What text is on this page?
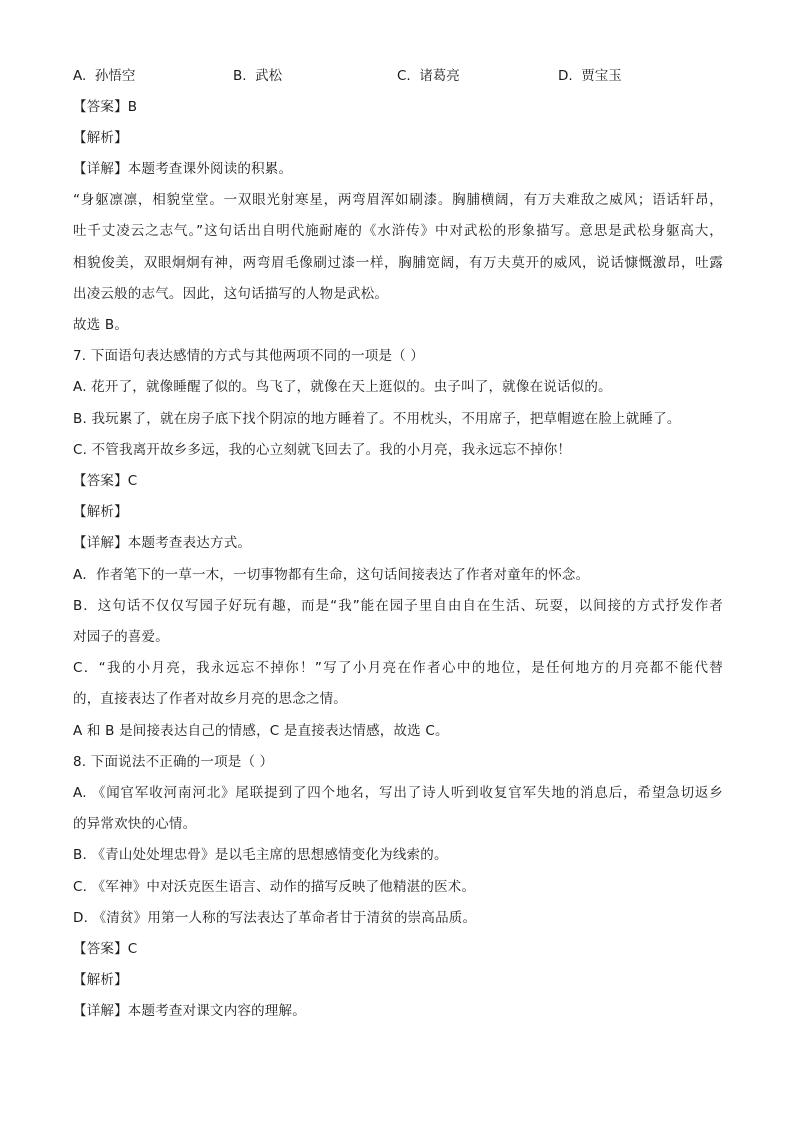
A. 孙悟空	B. 武松	C. 诸葛亮	D. 贾宝玉
【答案】B
【解析】
【详解】本题考查课外阅读的积累。
“身躯凛凛，相貌堂堂。一双眼光射寒星，两弯眉浑如刷漆。胸脯横阔，有万夫难敌之威风；语话轩昂，
吐千丈凌云之志气。”这句话出自明代施耐庵的《水浒传》中对武松的形象描写。意思是武松身躯高大，
相貌俊美，双眼炯炯有神，两弯眉毛像刷过漆一样，胸脯宽阔，有万夫莫开的威风，说话慷慨激昂，吐露
出凌云般的志气。因此，这句话描写的人物是武松。
故选 B。
7. 下面语句表达感情的方式与其他两项不同的一项是（ ）
A. 花开了，就像睡醒了似的。鸟飞了，就像在天上逛似的。虫子叫了，就像在说话似的。
B. 我玩累了，就在房子底下找个阴凉的地方睡着了。不用枕头，不用席子，把草帽遮在脸上就睡了。
C. 不管我离开故乡多远，我的心立刻就飞回去了。我的小月亮，我永远忘不掉你！
【答案】C
【解析】
【详解】本题考查表达方式。
A．作者笔下的一草一木，一切事物都有生命，这句话间接表达了作者对童年的怀念。
B．这句话不仅仅写园子好玩有趣，而是“我”能在园子里自由自在生活、玩耍，以间接的方式抒发作者
对园子的喜爱。
C．“我的小月亮，我永远忘不掉你！”写了小月亮在作者心中的地位，是任何地方的月亮都不能代替
的，直接表达了作者对故乡月亮的思念之情。
A 和 B 是间接表达自己的情感，C 是直接表达情感，故选 C。
8. 下面说法不正确的一项是（ ）
A. 《闻官军收河南河北》尾联提到了四个地名，写出了诗人听到收复官军失地的消息后，希望急切返乡
的异常欢快的心情。
B. 《青山处处埋忠骨》是以毛主席的思想感情变化为线索的。
C. 《军神》中对沃克医生语言、动作的描写反映了他精湛的医术。
D. 《清贫》用第一人称的写法表达了革命者甘于清贫的崇高品质。
【答案】C
【解析】
【详解】本题考查对课文内容的理解。
